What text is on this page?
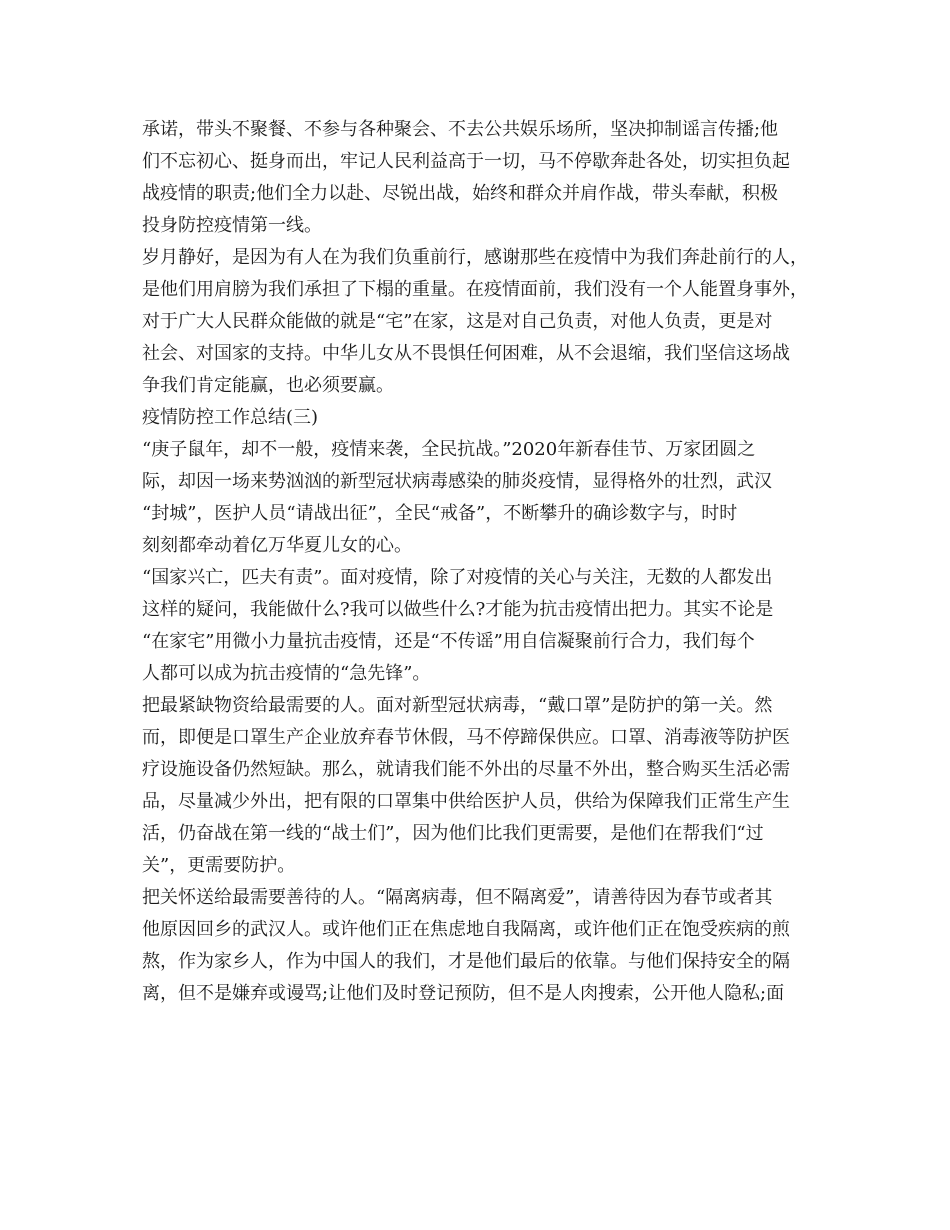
承诺，带头不聚餐、不参与各种聚会、不去公共娱乐场所，坚决抑制谣言传播;他
们不忘初心、挺身而出，牢记人民利益高于一切，马不停歇奔赴各处，切实担负起
战疫情的职责;他们全力以赴、尽锐出战，始终和群众并肩作战，带头奉献，积极
投身防控疫情第一线。
岁月静好，是因为有人在为我们负重前行，感谢那些在疫情中为我们奔赴前行的人，
是他们用肩膀为我们承担了下榻的重量。在疫情面前，我们没有一个人能置身事外，
对于广大人民群众能做的就是“宅”在家，这是对自己负责，对他人负责，更是对
社会、对国家的支持。中华儿女从不畏惧任何困难，从不会退缩，我们坚信这场战
争我们肯定能赢，也必须要赢。
疫情防控工作总结(三)
“庚子鼠年，却不一般，疫情来袭，全民抗战。”2020年新春佳节、万家团圆之
际，却因一场来势汹汹的新型冠状病毒感染的肺炎疫情，显得格外的壮烈，武汉
“封城”，医护人员“请战出征”，全民“戒备”，不断攀升的确诊数字与，时时
刻刻都牵动着亿万华夏儿女的心。
“国家兴亡，匹夫有责”。面对疫情，除了对疫情的关心与关注，无数的人都发出
这样的疑问，我能做什么?我可以做些什么?才能为抗击疫情出把力。其实不论是
“在家宅”用微小力量抗击疫情，还是“不传谣”用自信凝聚前行合力，我们每个
人都可以成为抗击疫情的“急先锋”。
把最紧缺物资给最需要的人。面对新型冠状病毒，“戴口罩”是防护的第一关。然
而，即便是口罩生产企业放弃春节休假，马不停蹄保供应。口罩、消毒液等防护医
疗设施设备仍然短缺。那么，就请我们能不外出的尽量不外出，整合购买生活必需
品，尽量减少外出，把有限的口罩集中供给医护人员，供给为保障我们正常生产生
活，仍奋战在第一线的“战士们”，因为他们比我们更需要，是他们在帮我们“过
关”，更需要防护。
把关怀送给最需要善待的人。“隔离病毒，但不隔离爱”，请善待因为春节或者其
他原因回乡的武汉人。或许他们正在焦虑地自我隔离，或许他们正在饱受疾病的煎
熬，作为家乡人，作为中国人的我们，才是他们最后的依靠。与他们保持安全的隔
离，但不是嫌弃或谩骂;让他们及时登记预防，但不是人肉搜索，公开他人隐私;面
